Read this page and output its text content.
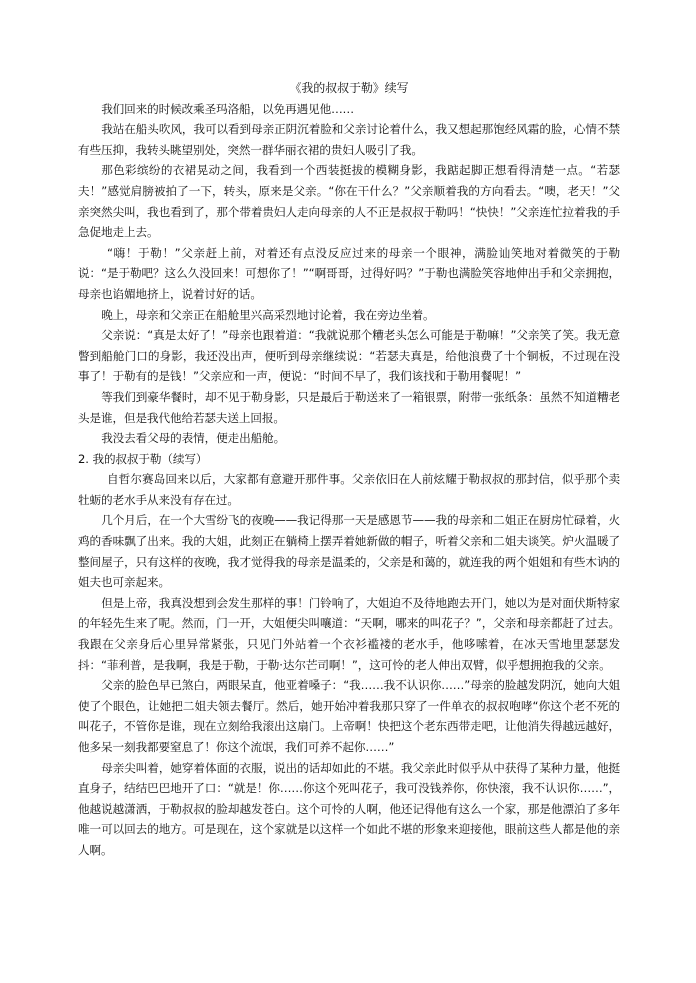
《我的叔叔于勒》续写

我们回来的时候改乘圣玛洛船，以免再遇见他……

我站在船头吹风，我可以看到母亲正阴沉着脸和父亲讨论着什么，我又想起那饱经风霜的脸，心情不禁有些压抑，我转头眺望别处，突然一群华丽衣裙的贵妇人吸引了我。

那色彩缤纷的衣裙晃动之间，我看到一个西装挺拔的模糊身影，我踮起脚正想看得清楚一点。“若瑟夫！”感觉肩膀被拍了一下，转头，原来是父亲。“你在干什么？”父亲顺着我的方向看去。“噢，老天！”父亲突然尖叫，我也看到了，那个带着贵妇人走向母亲的人不正是叔叔于勒吗！“快快！”父亲连忙拉着我的手急促地走上去。

“嗨！于勒！”父亲赶上前，对着还有点没反应过来的母亲一个眼神，满脸讪笑地对着微笑的于勒说：“是于勒吧？这么久没回来！可想你了！”“啊哥哥，过得好吗？”于勒也满脸笑容地伸出手和父亲拥抱，母亲也谄媚地挤上，说着讨好的话。

晚上，母亲和父亲正在船舱里兴高采烈地讨论着，我在旁边坐着。

父亲说：“真是太好了！”母亲也跟着道：“我就说那个糟老头怎么可能是于勒嘛！”父亲笑了笑。我无意瞥到船舱门口的身影，我还没出声，便听到母亲继续说：“若瑟夫真是，给他浪费了十个铜板，不过现在没事了！于勒有的是钱！”父亲应和一声，便说：“时间不早了，我们该找和于勒用餐呢！”

等我们到豪华餐时，却不见于勒身影，只是最后于勒送来了一箱银票，附带一张纸条：虽然不知道糟老头是谁，但是我代他给若瑟夫送上回报。

我没去看父母的表情，便走出船舱。

2. 我的叔叔于勒（续写）

自哲尔赛岛回来以后，大家都有意避开那件事。父亲依旧在人前炫耀于勒叔叔的那封信，似乎那个卖牡蛎的老水手从来没有存在过。

几个月后，在一个大雪纷飞的夜晚——我记得那一天是感恩节——我的母亲和二姐正在厨房忙碌着，火鸡的香味飘了出来。我的大姐，此刻正在躺椅上摆弄着她新做的帽子，听着父亲和二姐夫谈笑。炉火温暖了整间屋子，只有这样的夜晚，我才觉得我的母亲是温柔的，父亲是和蔼的，就连我的两个姐姐和有些木讷的姐夫也可亲起来。

但是上帝，我真没想到会发生那样的事！门铃响了，大姐迫不及待地跑去开门，她以为是对面伏斯特家的年轻先生来了呢。然而，门一开，大姐便尖叫嚷道：“天啊，哪来的叫花子？”，父亲和母亲都赶了过去。我跟在父亲身后心里异常紧张，只见门外站着一个衣衫褴褛的老水手，他哆嗦着，在冰天雪地里瑟瑟发抖：“菲利普，是我啊，我是于勒，于勒·达尔芒司啊！”，这可怜的老人伸出双臂，似乎想拥抱我的父亲。

父亲的脸色早已煞白，两眼呆直，他亚着嗓子：“我……我不认识你……”母亲的脸越发阴沉，她向大姐使了个眼色，让她把二姐夫领去餐厅。然后，她开始冲着我那只穿了一件单衣的叔叔咆哮“你这个老不死的叫花子，不管你是谁，现在立刻给我滚出这扇门。上帝啊！快把这个老东西带走吧，让他消失得越远越好，他多呆一刻我都要窒息了！你这个流氓，我们可养不起你……”

母亲尖叫着，她穿着体面的衣服，说出的话却如此的不堪。我父亲此时似乎从中获得了某种力量，他挺直身子，结结巴巴地开了口：“就是！你……你这个死叫花子，我可没钱养你，你快滚，我不认识你……”，他越说越潇洒，于勒叔叔的脸却越发苍白。这个可怜的人啊，他还记得他有这么一个家，那是他漂泊了多年唯一可以回去的地方。可是现在，这个家就是以这样一个如此不堪的形象来迎接他，眼前这些人都是他的亲人啊。
